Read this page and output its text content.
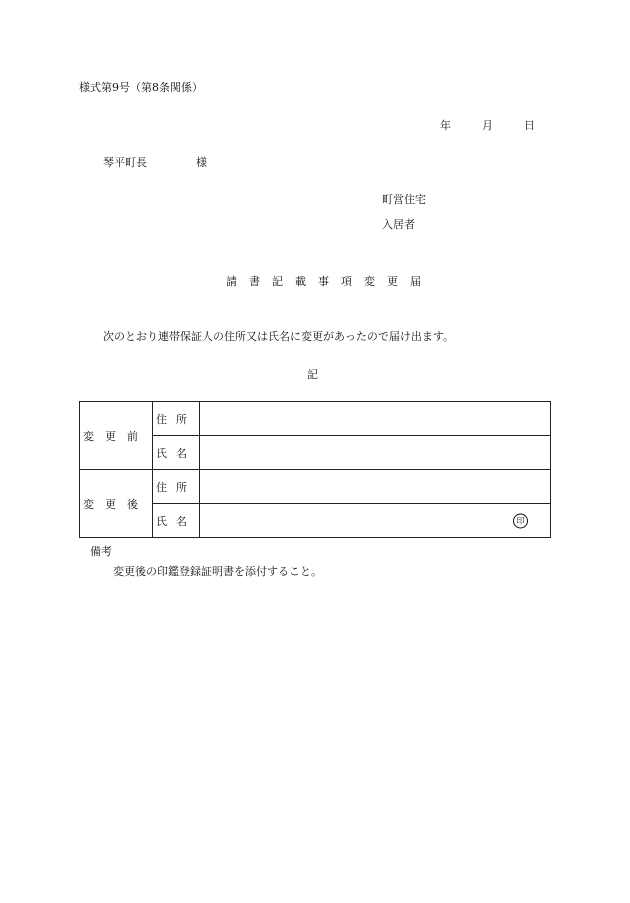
様式第9号（第8条関係）
年	月	日
琴平町長	様
町営住宅
入居者
請書記載事項変更届
次のとおり連帯保証人の住所又は氏名に変更があったので届け出ます。
記
変更前	住所	
	氏名	
変更後	住所	
	氏名	印
備考
変更後の印鑑登録証明書を添付すること。
